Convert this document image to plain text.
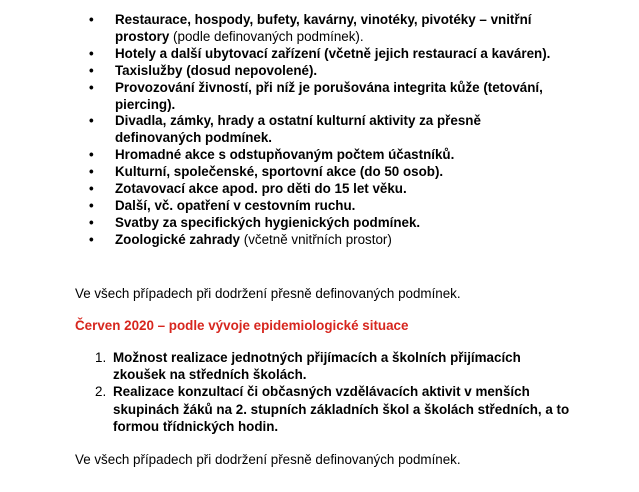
• Restaurace, hospody, bufety, kavárny, vinotéky, pivotéky – vnitřní prostory (podle definovaných podmínek).
• Hotely a další ubytovací zařízení (včetně jejich restaurací a kaváren).
• Taxislužby (dosud nepovolené).
• Provozování živností, při níž je porušována integrita kůže (tetování, piercing).
• Divadla, zámky, hrady a ostatní kulturní aktivity za přesně definovaných podmínek.
• Hromadné akce s odstupňovaným počtem účastníků.
• Kulturní, společenské, sportovní akce (do 50 osob).
• Zotavovací akce apod. pro děti do 15 let věku.
• Další, vč. opatření v cestovním ruchu.
• Svatby za specifických hygienických podmínek.
• Zoologické zahrady (včetně vnitřních prostor)

Ve všech případech při dodržení přesně definovaných podmínek.

Červen 2020 – podle vývoje epidemiologické situace

1. Možnost realizace jednotných přijímacích a školních přijímacích zkoušek na středních školách.
2. Realizace konzultací či občasných vzdělávacích aktivit v menších skupinách žáků na 2. stupních základních škol a školách středních, a to formou třídnických hodin.

Ve všech případech při dodržení přesně definovaných podmínek.
